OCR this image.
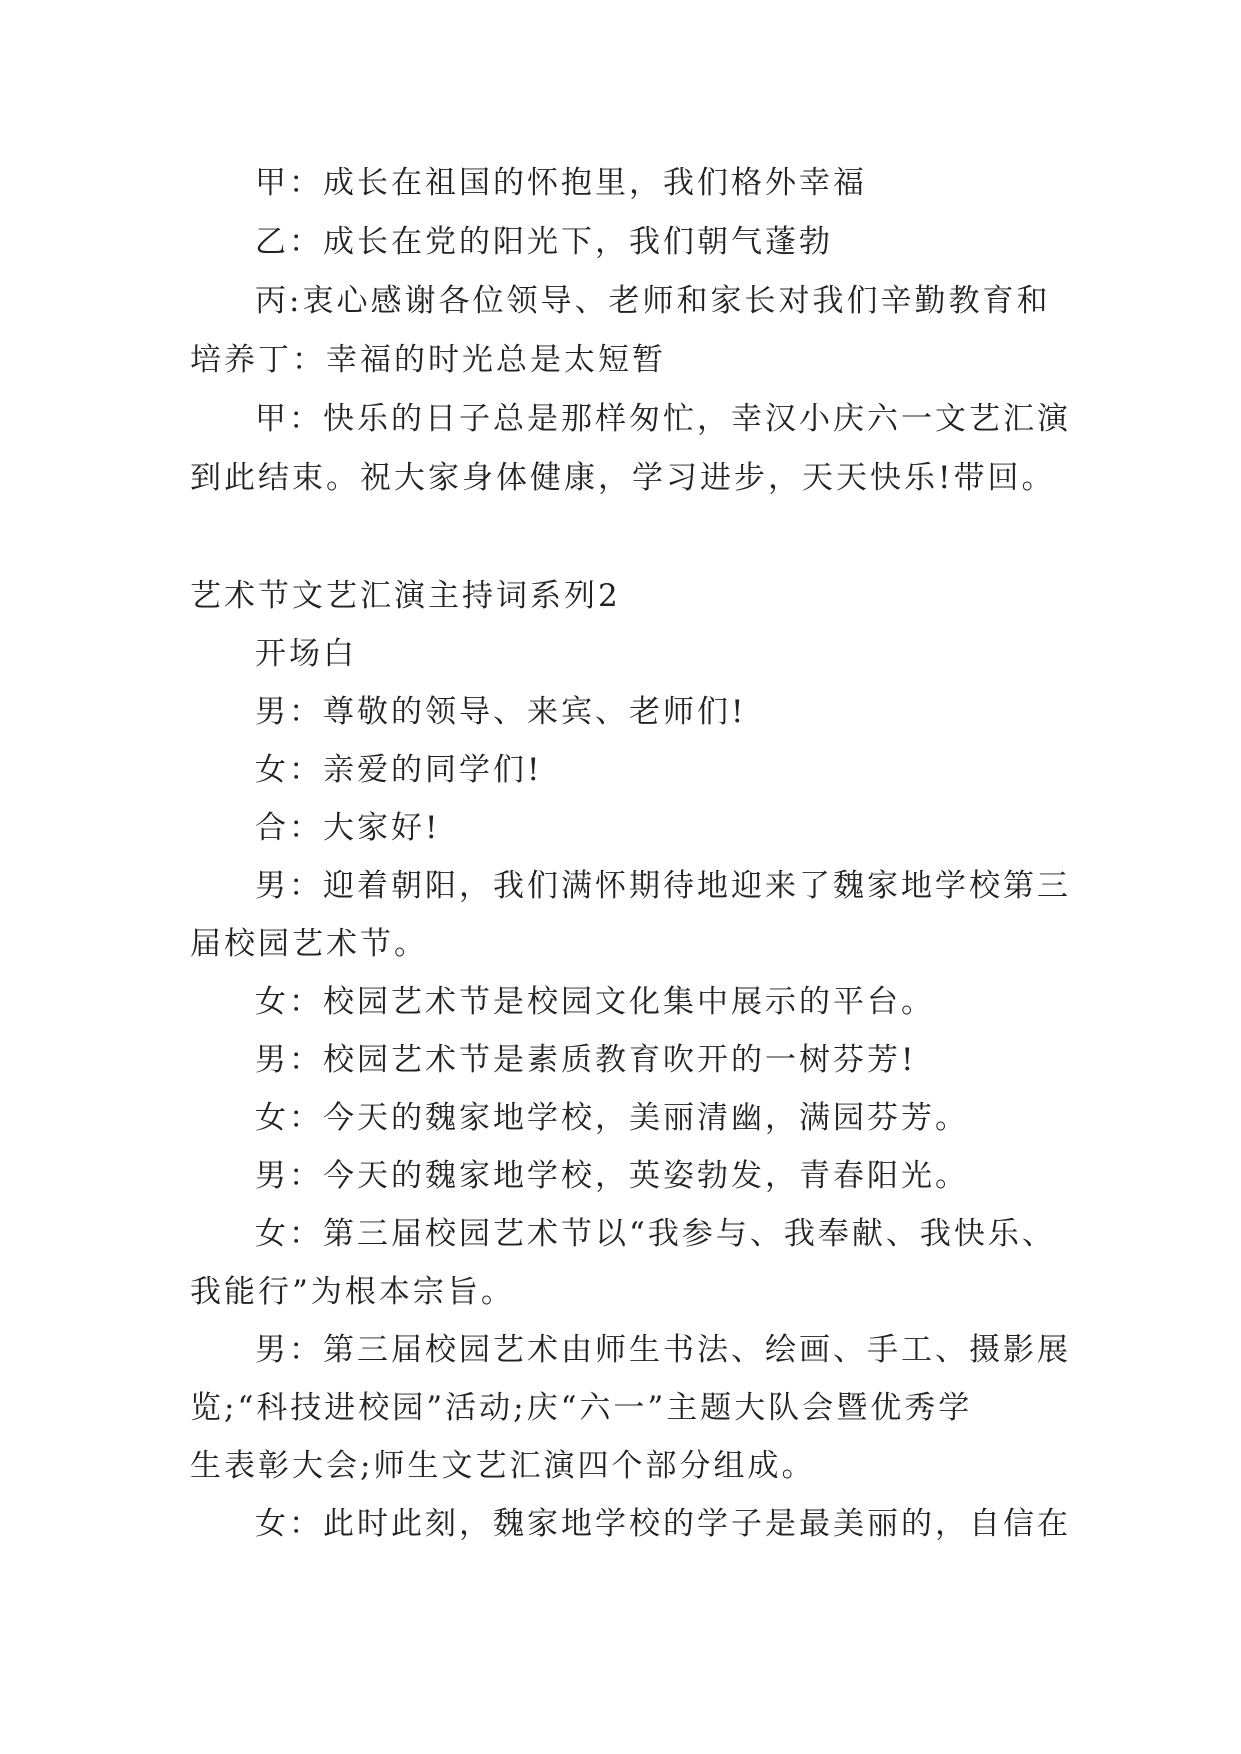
甲：成长在祖国的怀抱里，我们格外幸福
乙：成长在党的阳光下，我们朝气蓬勃
丙:衷心感谢各位领导、老师和家长对我们辛勤教育和
培养丁：幸福的时光总是太短暂
甲：快乐的日子总是那样匆忙，幸汉小庆六一文艺汇演
到此结束。祝大家身体健康，学习进步，天天快乐!带回。
艺术节文艺汇演主持词系列2
开场白
男：尊敬的领导、来宾、老师们!
女：亲爱的同学们!
合：大家好!
男：迎着朝阳，我们满怀期待地迎来了魏家地学校第三
届校园艺术节。
女：校园艺术节是校园文化集中展示的平台。
男：校园艺术节是素质教育吹开的一树芬芳!
女：今天的魏家地学校，美丽清幽，满园芬芳。
男：今天的魏家地学校，英姿勃发，青春阳光。
女：第三届校园艺术节以“我参与、我奉献、我快乐、
我能行”为根本宗旨。
男：第三届校园艺术由师生书法、绘画、手工、摄影展
览;“科技进校园”活动;庆“六一”主题大队会暨优秀学
生表彰大会;师生文艺汇演四个部分组成。
女：此时此刻，魏家地学校的学子是最美丽的，自信在
